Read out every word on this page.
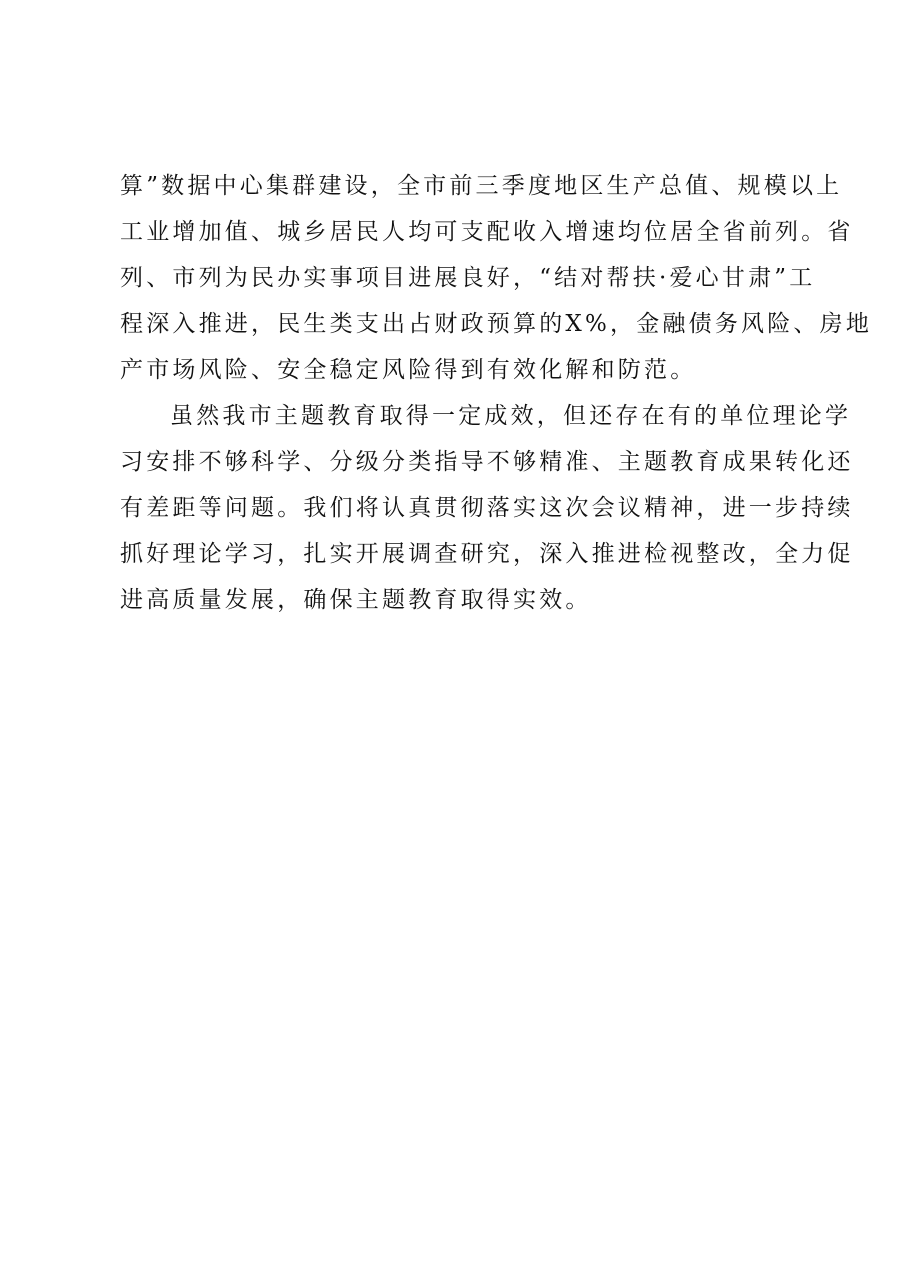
算”数据中心集群建设，全市前三季度地区生产总值、规模以上
工业增加值、城乡居民人均可支配收入增速均位居全省前列。省
列、市列为民办实事项目进展良好，“结对帮扶·爱心甘肃”工
程深入推进，民生类支出占财政预算的X%，金融债务风险、房地
产市场风险、安全稳定风险得到有效化解和防范。
虽然我市主题教育取得一定成效，但还存在有的单位理论学
习安排不够科学、分级分类指导不够精准、主题教育成果转化还
有差距等问题。我们将认真贯彻落实这次会议精神，进一步持续
抓好理论学习，扎实开展调查研究，深入推进检视整改，全力促
进高质量发展，确保主题教育取得实效。
